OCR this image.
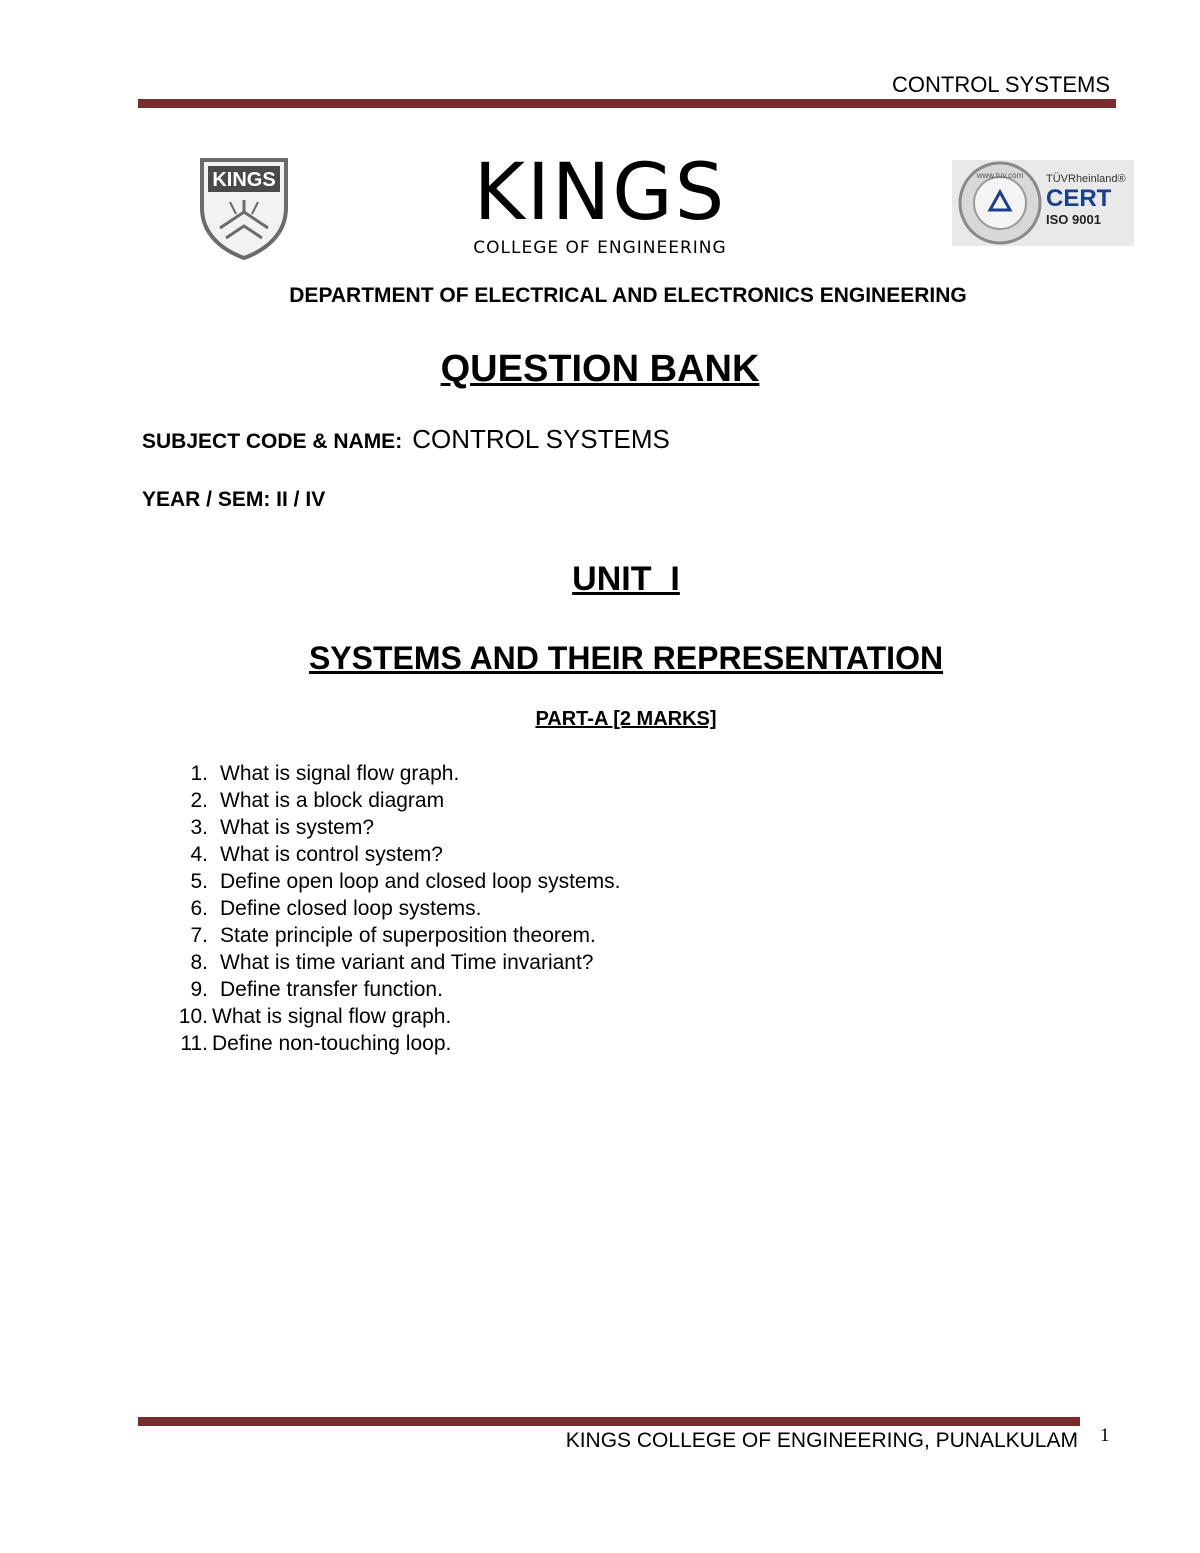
CONTROL SYSTEMS
KINGS	KINGS
COLLEGE OF ENGINEERING
www.tuv.com TÜVRheinland®
CERT
ISO 9001
DEPARTMENT OF ELECTRICAL AND ELECTRONICS ENGINEERING
QUESTION BANK
SUBJECT CODE & NAME: CONTROL SYSTEMS
YEAR / SEM: II / IV
UNIT  I
SYSTEMS AND THEIR REPRESENTATION
PART-A [2 MARKS]
1. What is signal flow graph.
2. What is a block diagram
3. What is system?
4. What is control system?
5. Define open loop and closed loop systems.
6. Define closed loop systems.
7. State principle of superposition theorem.
8. What is time variant and Time invariant?
9. Define transfer function.
10. What is signal flow graph.
11. Define non-touching loop.
KINGS COLLEGE OF ENGINEERING, PUNALKULAM 1
